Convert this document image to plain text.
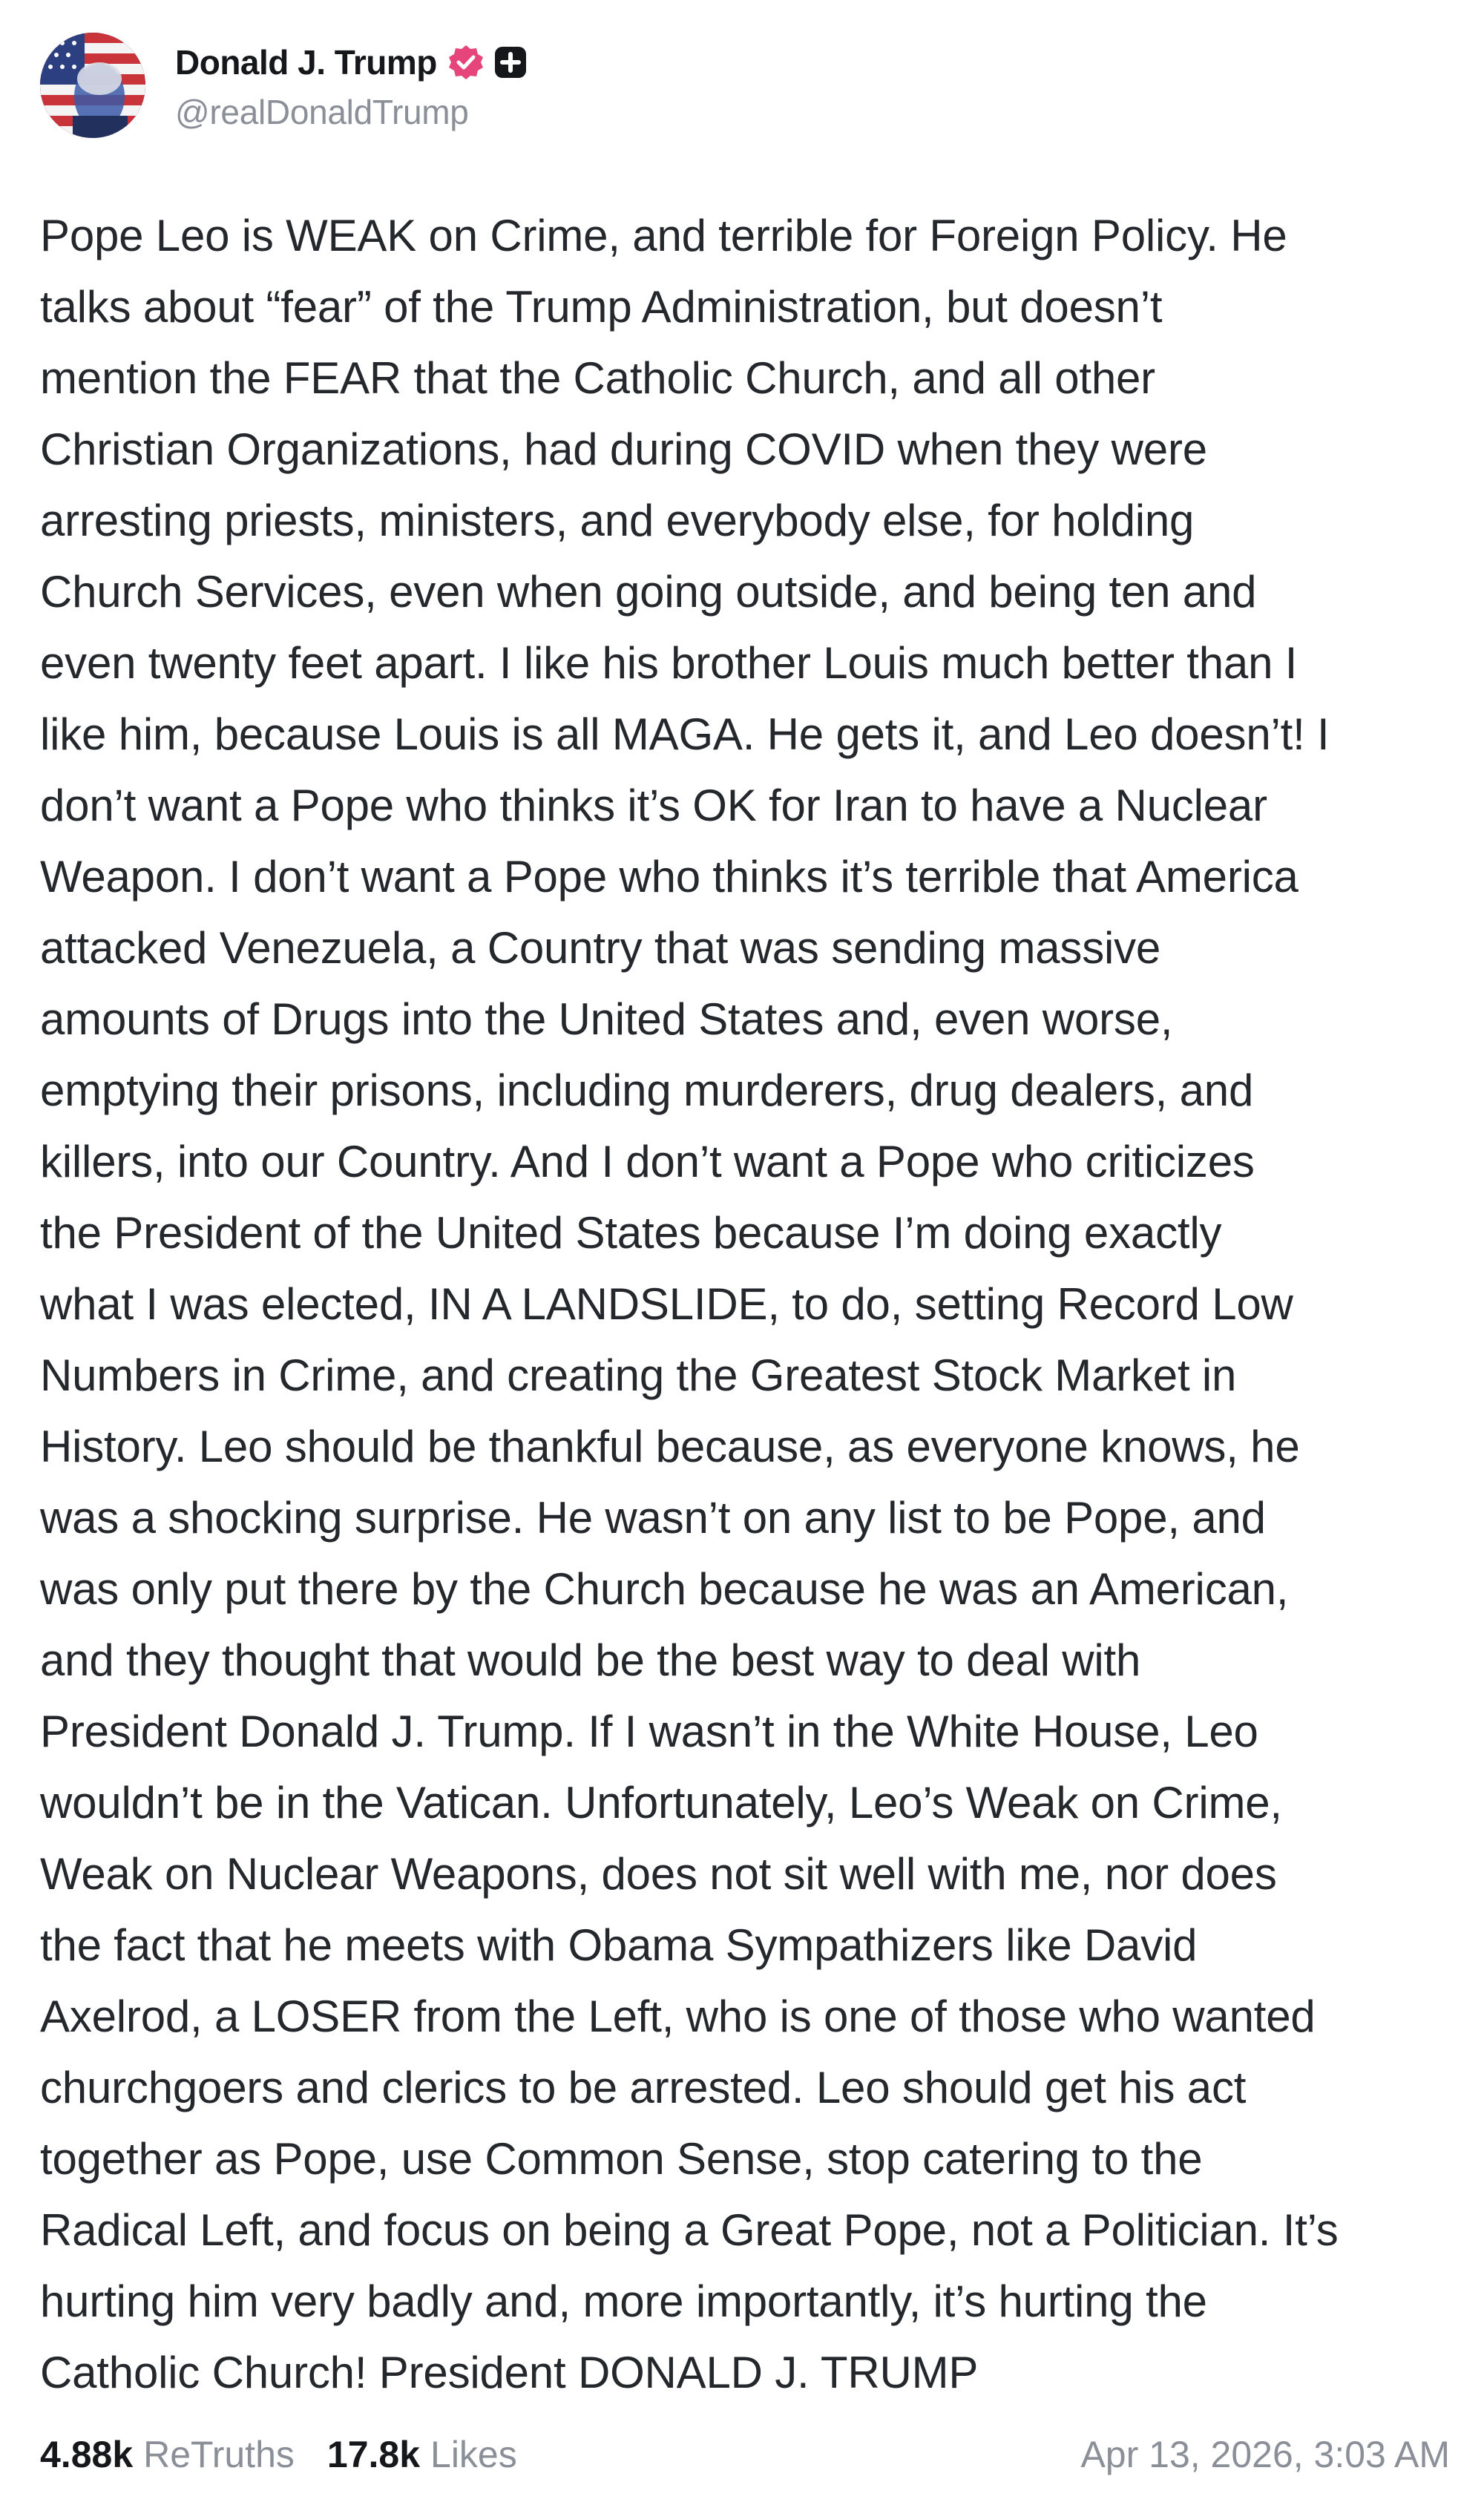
Donald J. Trump
@realDonaldTrump
Pope Leo is WEAK on Crime, and terrible for Foreign Policy. He
talks about “fear” of the Trump Administration, but doesn’t
mention the FEAR that the Catholic Church, and all other
Christian Organizations, had during COVID when they were
arresting priests, ministers, and everybody else, for holding
Church Services, even when going outside, and being ten and
even twenty feet apart. I like his brother Louis much better than I
like him, because Louis is all MAGA. He gets it, and Leo doesn’t! I
don’t want a Pope who thinks it’s OK for Iran to have a Nuclear
Weapon. I don’t want a Pope who thinks it’s terrible that America
attacked Venezuela, a Country that was sending massive
amounts of Drugs into the United States and, even worse,
emptying their prisons, including murderers, drug dealers, and
killers, into our Country. And I don’t want a Pope who criticizes
the President of the United States because I’m doing exactly
what I was elected, IN A LANDSLIDE, to do, setting Record Low
Numbers in Crime, and creating the Greatest Stock Market in
History. Leo should be thankful because, as everyone knows, he
was a shocking surprise. He wasn’t on any list to be Pope, and
was only put there by the Church because he was an American,
and they thought that would be the best way to deal with
President Donald J. Trump. If I wasn’t in the White House, Leo
wouldn’t be in the Vatican. Unfortunately, Leo’s Weak on Crime,
Weak on Nuclear Weapons, does not sit well with me, nor does
the fact that he meets with Obama Sympathizers like David
Axelrod, a LOSER from the Left, who is one of those who wanted
churchgoers and clerics to be arrested. Leo should get his act
together as Pope, use Common Sense, stop catering to the
Radical Left, and focus on being a Great Pope, not a Politician. It’s
hurting him very badly and, more importantly, it’s hurting the
Catholic Church! President DONALD J. TRUMP
4.88k ReTruths 17.8k Likes	Apr 13, 2026, 3:03 AM
